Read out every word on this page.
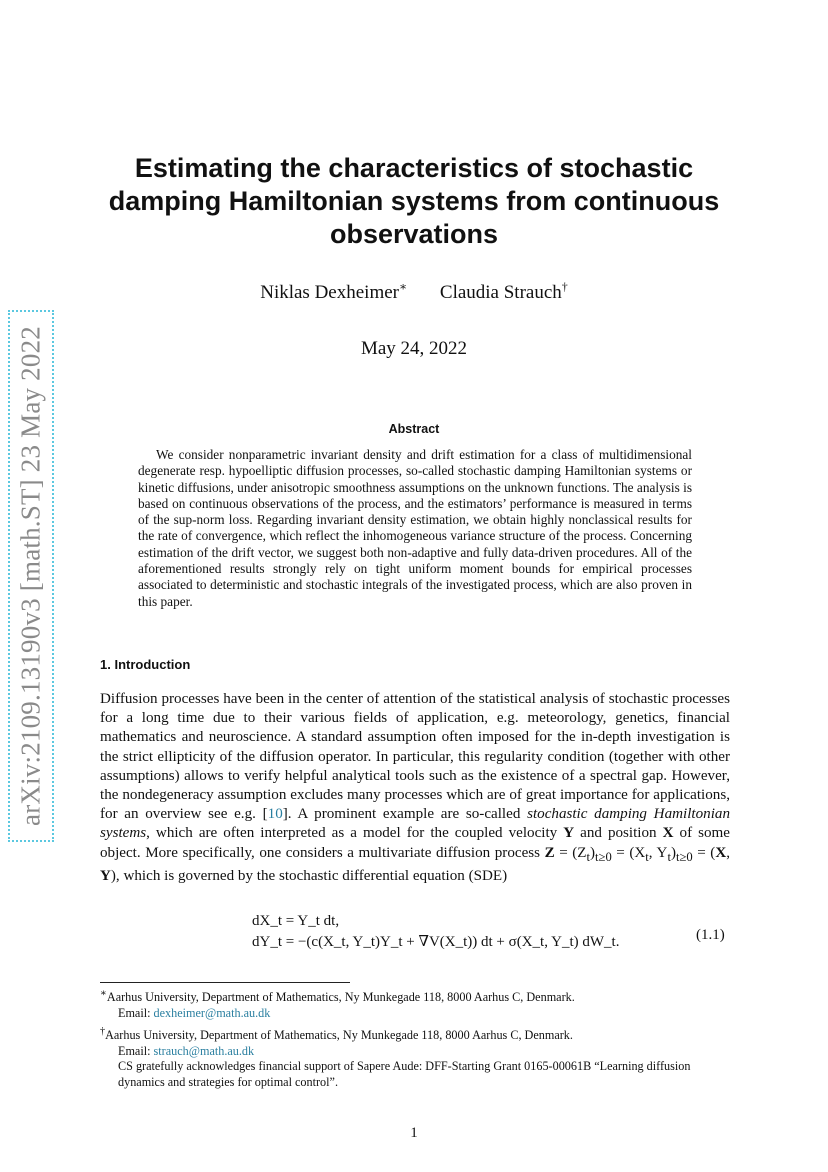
arXiv:2109.13190v3 [math.ST] 23 May 2022
Estimating the characteristics of stochastic damping Hamiltonian systems from continuous observations
Niklas Dexheimer∗ Claudia Strauch†
May 24, 2022
Abstract
We consider nonparametric invariant density and drift estimation for a class of multidimensional degenerate resp. hypoelliptic diffusion processes, so-called stochastic damping Hamiltonian systems or kinetic diffusions, under anisotropic smoothness assumptions on the unknown functions. The analysis is based on continuous observations of the process, and the estimators’ performance is measured in terms of the sup-norm loss. Regarding invariant density estimation, we obtain highly nonclassical results for the rate of convergence, which reflect the inhomogeneous variance structure of the process. Concerning estimation of the drift vector, we suggest both non-adaptive and fully data-driven procedures. All of the aforementioned results strongly rely on tight uniform moment bounds for empirical processes associated to deterministic and stochastic integrals of the investigated process, which are also proven in this paper.
1. Introduction
Diffusion processes have been in the center of attention of the statistical analysis of stochastic processes for a long time due to their various fields of application, e.g. meteorology, genetics, financial mathematics and neuroscience. A standard assumption often imposed for the in-depth investigation is the strict ellipticity of the diffusion operator. In particular, this regularity condition (together with other assumptions) allows to verify helpful analytical tools such as the existence of a spectral gap. However, the nondegeneracy assumption excludes many processes which are of great importance for applications, for an overview see e.g. [10]. A prominent example are so-called stochastic damping Hamiltonian systems, which are often interpreted as a model for the coupled velocity Y and position X of some object. More specifically, one considers a multivariate diffusion process $Z = (Z_t)_{t\ge 0} = (X_t$, $Y_t)_{t\ge 0} = (X$, Y), which is governed by the stochastic differential equation (SDE)
dX_t = Y_t dt,
dY_t = −(c(X_t, Y_t)Y_t + ∇V(X_t)) dt + σ(X_t, Y_t) dW_t.	(1.1)
∗Aarhus University, Department of Mathematics, Ny Munkegade 118, 8000 Aarhus C, Denmark.
Email: dexheimer@math.au.dk
†Aarhus University, Department of Mathematics, Ny Munkegade 118, 8000 Aarhus C, Denmark.
Email: strauch@math.au.dk
CS gratefully acknowledges financial support of Sapere Aude: DFF-Starting Grant 0165-00061B “Learning diffusion dynamics and strategies for optimal control”.
1
